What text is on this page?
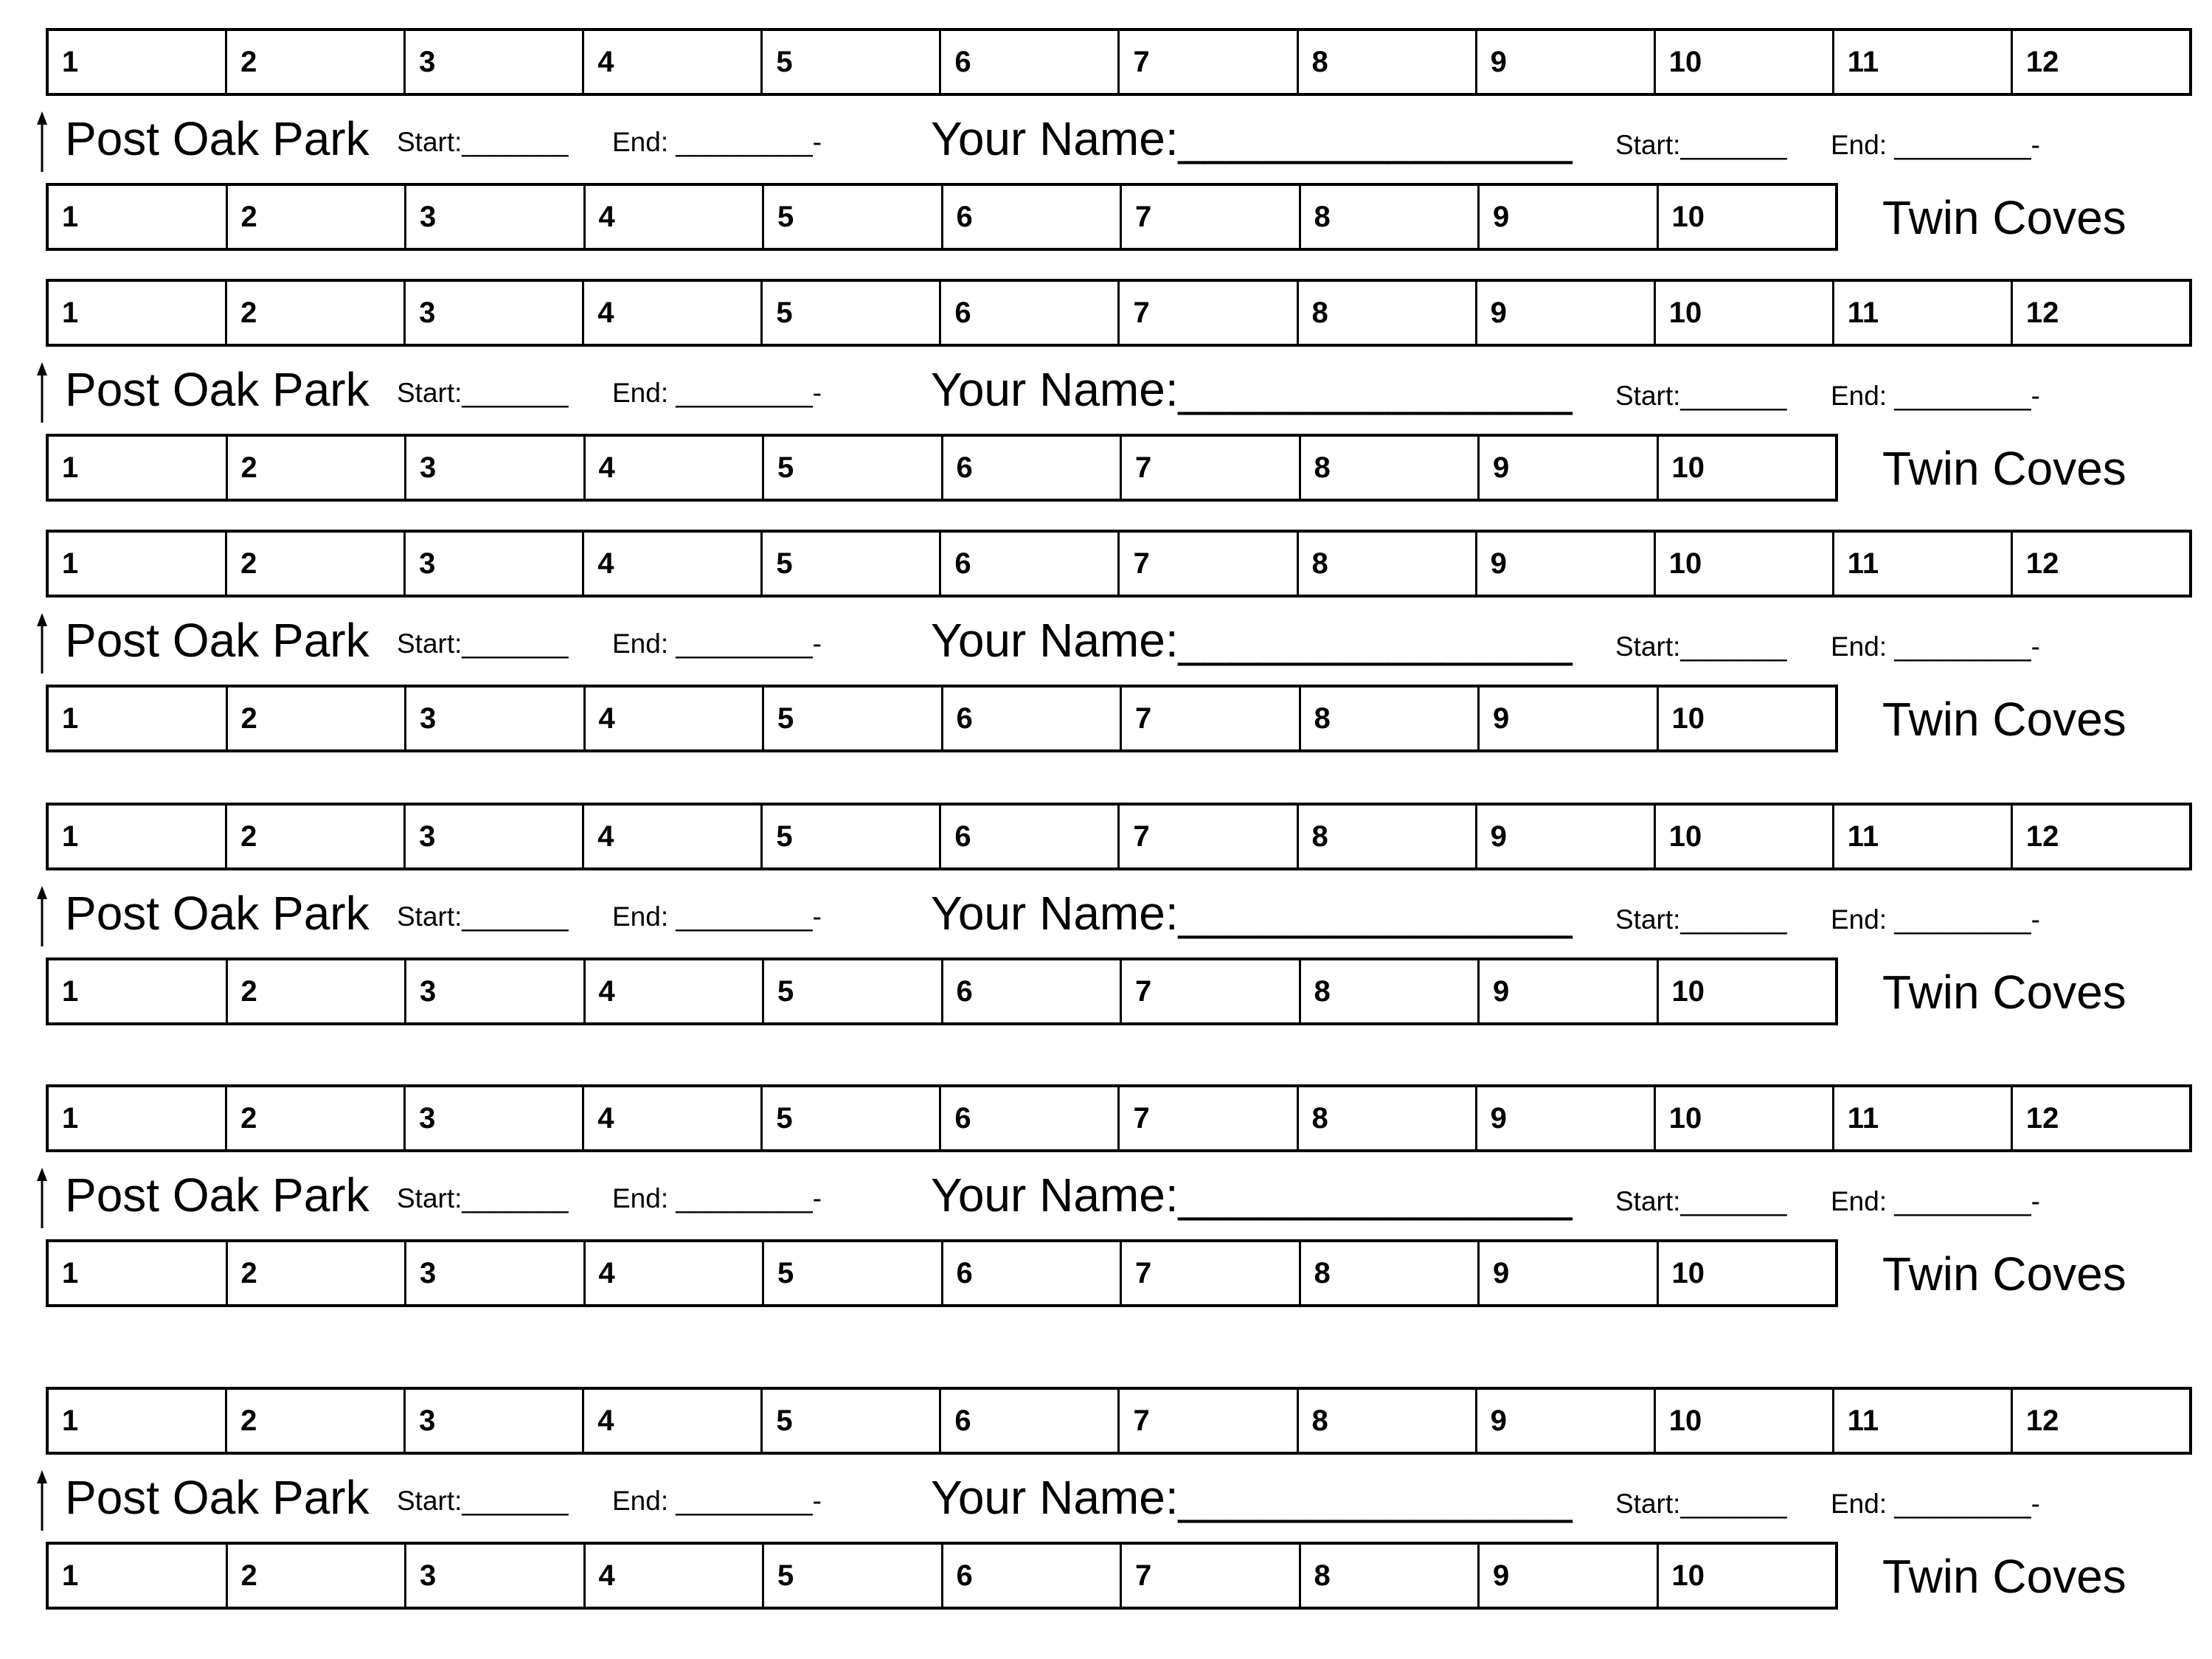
1	2	3	4	5	6	7	8	9	10	11	12
Post Oak Park Start:_______ End: _________- Your Name:_______________ Start:_______ End: _________-
1	2	3	4	5	6	7	8	9	10	Twin Coves
1	2	3	4	5	6	7	8	9	10	11	12
Post Oak Park Start:_______ End: _________- Your Name:_______________ Start:_______ End: _________-
1	2	3	4	5	6	7	8	9	10	Twin Coves
1	2	3	4	5	6	7	8	9	10	11	12
Post Oak Park Start:_______ End: _________- Your Name:_______________ Start:_______ End: _________-
1	2	3	4	5	6	7	8	9	10	Twin Coves
1	2	3	4	5	6	7	8	9	10	11	12
Post Oak Park Start:_______ End: _________- Your Name:_______________ Start:_______ End: _________-
1	2	3	4	5	6	7	8	9	10	Twin Coves
1	2	3	4	5	6	7	8	9	10	11	12
Post Oak Park Start:_______ End: _________- Your Name:_______________ Start:_______ End: _________-
1	2	3	4	5	6	7	8	9	10	Twin Coves
1	2	3	4	5	6	7	8	9	10	11	12
Post Oak Park Start:_______ End: _________- Your Name:_______________ Start:_______ End: _________-
1	2	3	4	5	6	7	8	9	10	Twin Coves
